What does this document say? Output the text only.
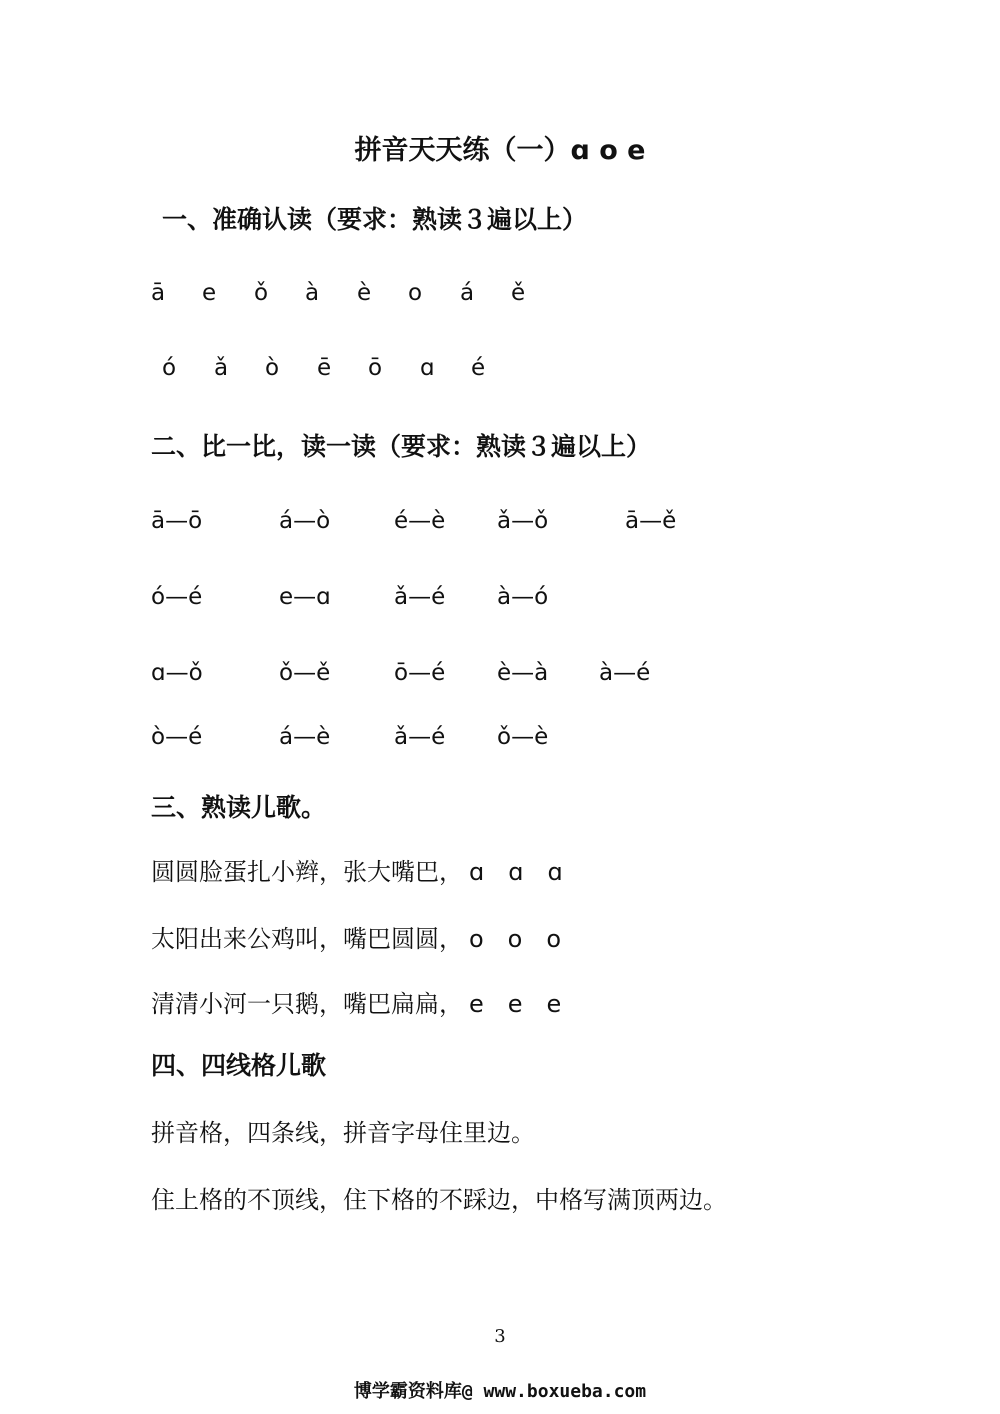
拼音天天练（一）ɑ o e
一、准确认读（要求：熟读３遍以上）
ā e ǒ à è o á ě
ó ǎ ò ē ō ɑ é
二、比一比，读一读（要求：熟读３遍以上）
ā—ō	á—ò	é—è ǎ—ǒ	ā—ě
ó—é	e—ɑ	ǎ—é à—ó
ɑ—ǒ	ǒ—ě	ō—é è—à à—é
ò—é	á—è	ǎ—é ǒ—è
三、熟读儿歌。
圆圆脸蛋扎小辫，张大嘴巴， ɑ　ɑ　ɑ
太阳出来公鸡叫，嘴巴圆圆， o　o　o
清清小河一只鹅，嘴巴扁扁， e　e　e
四、四线格儿歌
拼音格，四条线，拼音字母住里边。
住上格的不顶线，住下格的不踩边，中格写满顶两边。
3
博学霸资料库@ www.boxueba.com
